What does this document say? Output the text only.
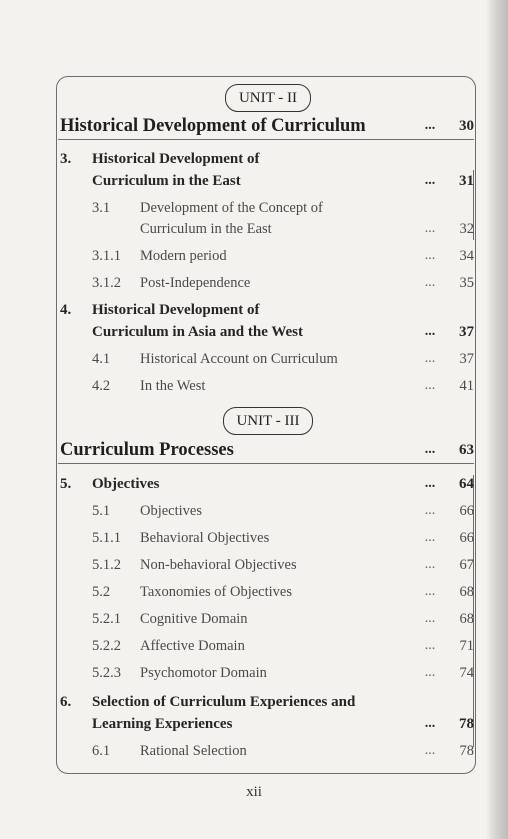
UNIT - II
Historical Development of Curriculum	...	30
3. Historical Development of
Curriculum in the East	...	31
3.1 Development of the Concept of
Curriculum in the East	...	32
3.1.1 Modern period	...	34
3.1.2 Post-Independence	...	35
4. Historical Development of
Curriculum in Asia and the West	...	37
4.1 Historical Account on Curriculum	...	37
4.2 In the West	...	41
UNIT - III
Curriculum Processes	...	63
5. Objectives	...	64
5.1 Objectives	...	66
5.1.1 Behavioral Objectives	...	66
5.1.2 Non-behavioral Objectives	...	67
5.2 Taxonomies of Objectives	...	68
5.2.1 Cognitive Domain	...	68
5.2.2 Affective Domain	...	71
5.2.3 Psychomotor Domain	...	74
6. Selection of Curriculum Experiences and
Learning Experiences	...	78
6.1 Rational Selection	...	78
xii
